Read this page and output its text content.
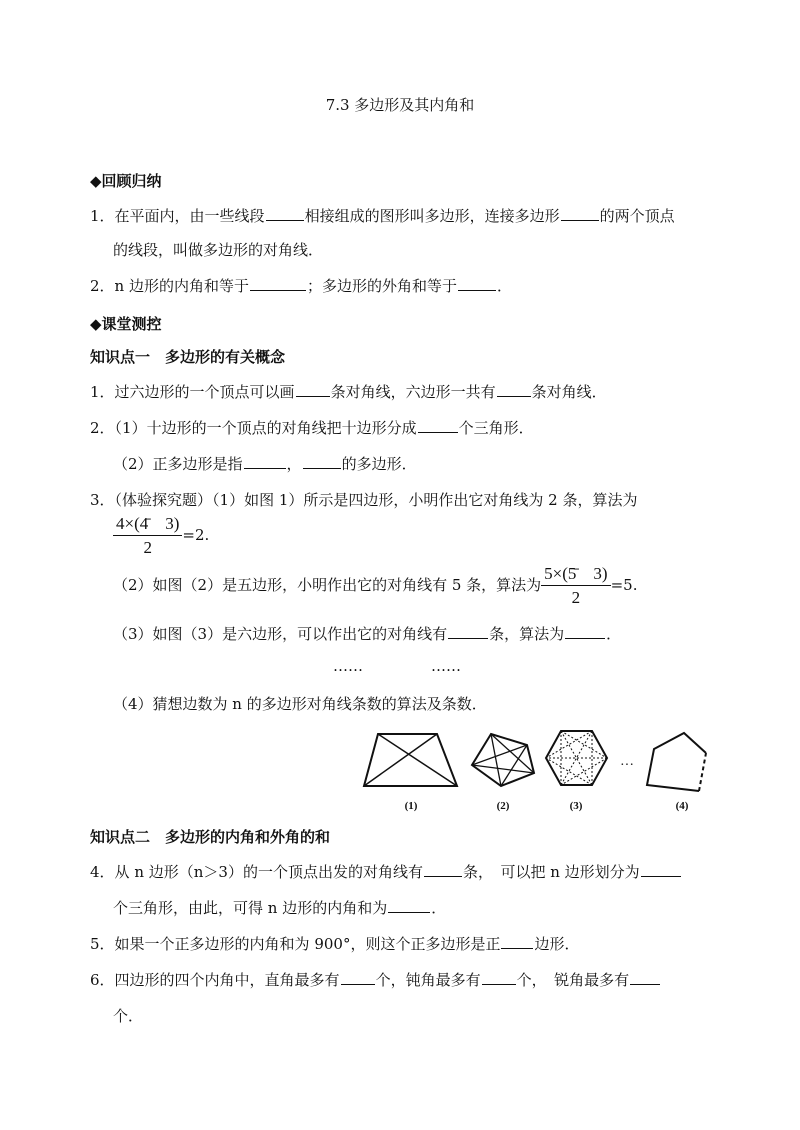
7.3 多边形及其内角和
◆回顾归纳
1．在平面内，由一些线段	相接组成的图形叫多边形，连接多边形	的两个顶点
的线段，叫做多边形的对角线．
2．n 边形的内角和等于	；多边形的外角和等于	．
◆课堂测控
知识点一　多边形的有关概念
1．过六边形的一个顶点可以画 条对角线，六边形一共有 条对角线．
2．（1）十边形的一个顶点的对角线把十边形分成	个三角形．
（2）正多边形是指	，	的多边形．
3．（体验探究题）（1）如图 1）所示是四边形，小明作出它对角线为 2 条，算法为
$\frac{4\times(4̄ 3)}{2} =2$.
（2）如图（2）是五边形，小明作出它的对角线有 5 条，算法为 $\frac{5\times(5̄ 3)}{2} =5$.
（3）如图（3）是六边形，可以作出它的对角线有	条，算法为	．
……	……
（4）猜想边数为 n 的多边形对角线条数的算法及条数．
···
(1)	(2)	(3)	(4)
知识点二　多边形的内角和外角的和
4．从 n 边形（n＞3）的一个顶点出发的对角线有	条，　 可以把 n 边形划分为
个三角形，由此，可得 n 边形的内角和为	．
5．如果一个正多边形的内角和为 900°，则这个正多边形是正 边形．
6．四边形的四个内角中，直角最多有 个，钝角最多有 个，　 锐角最多有
个．
